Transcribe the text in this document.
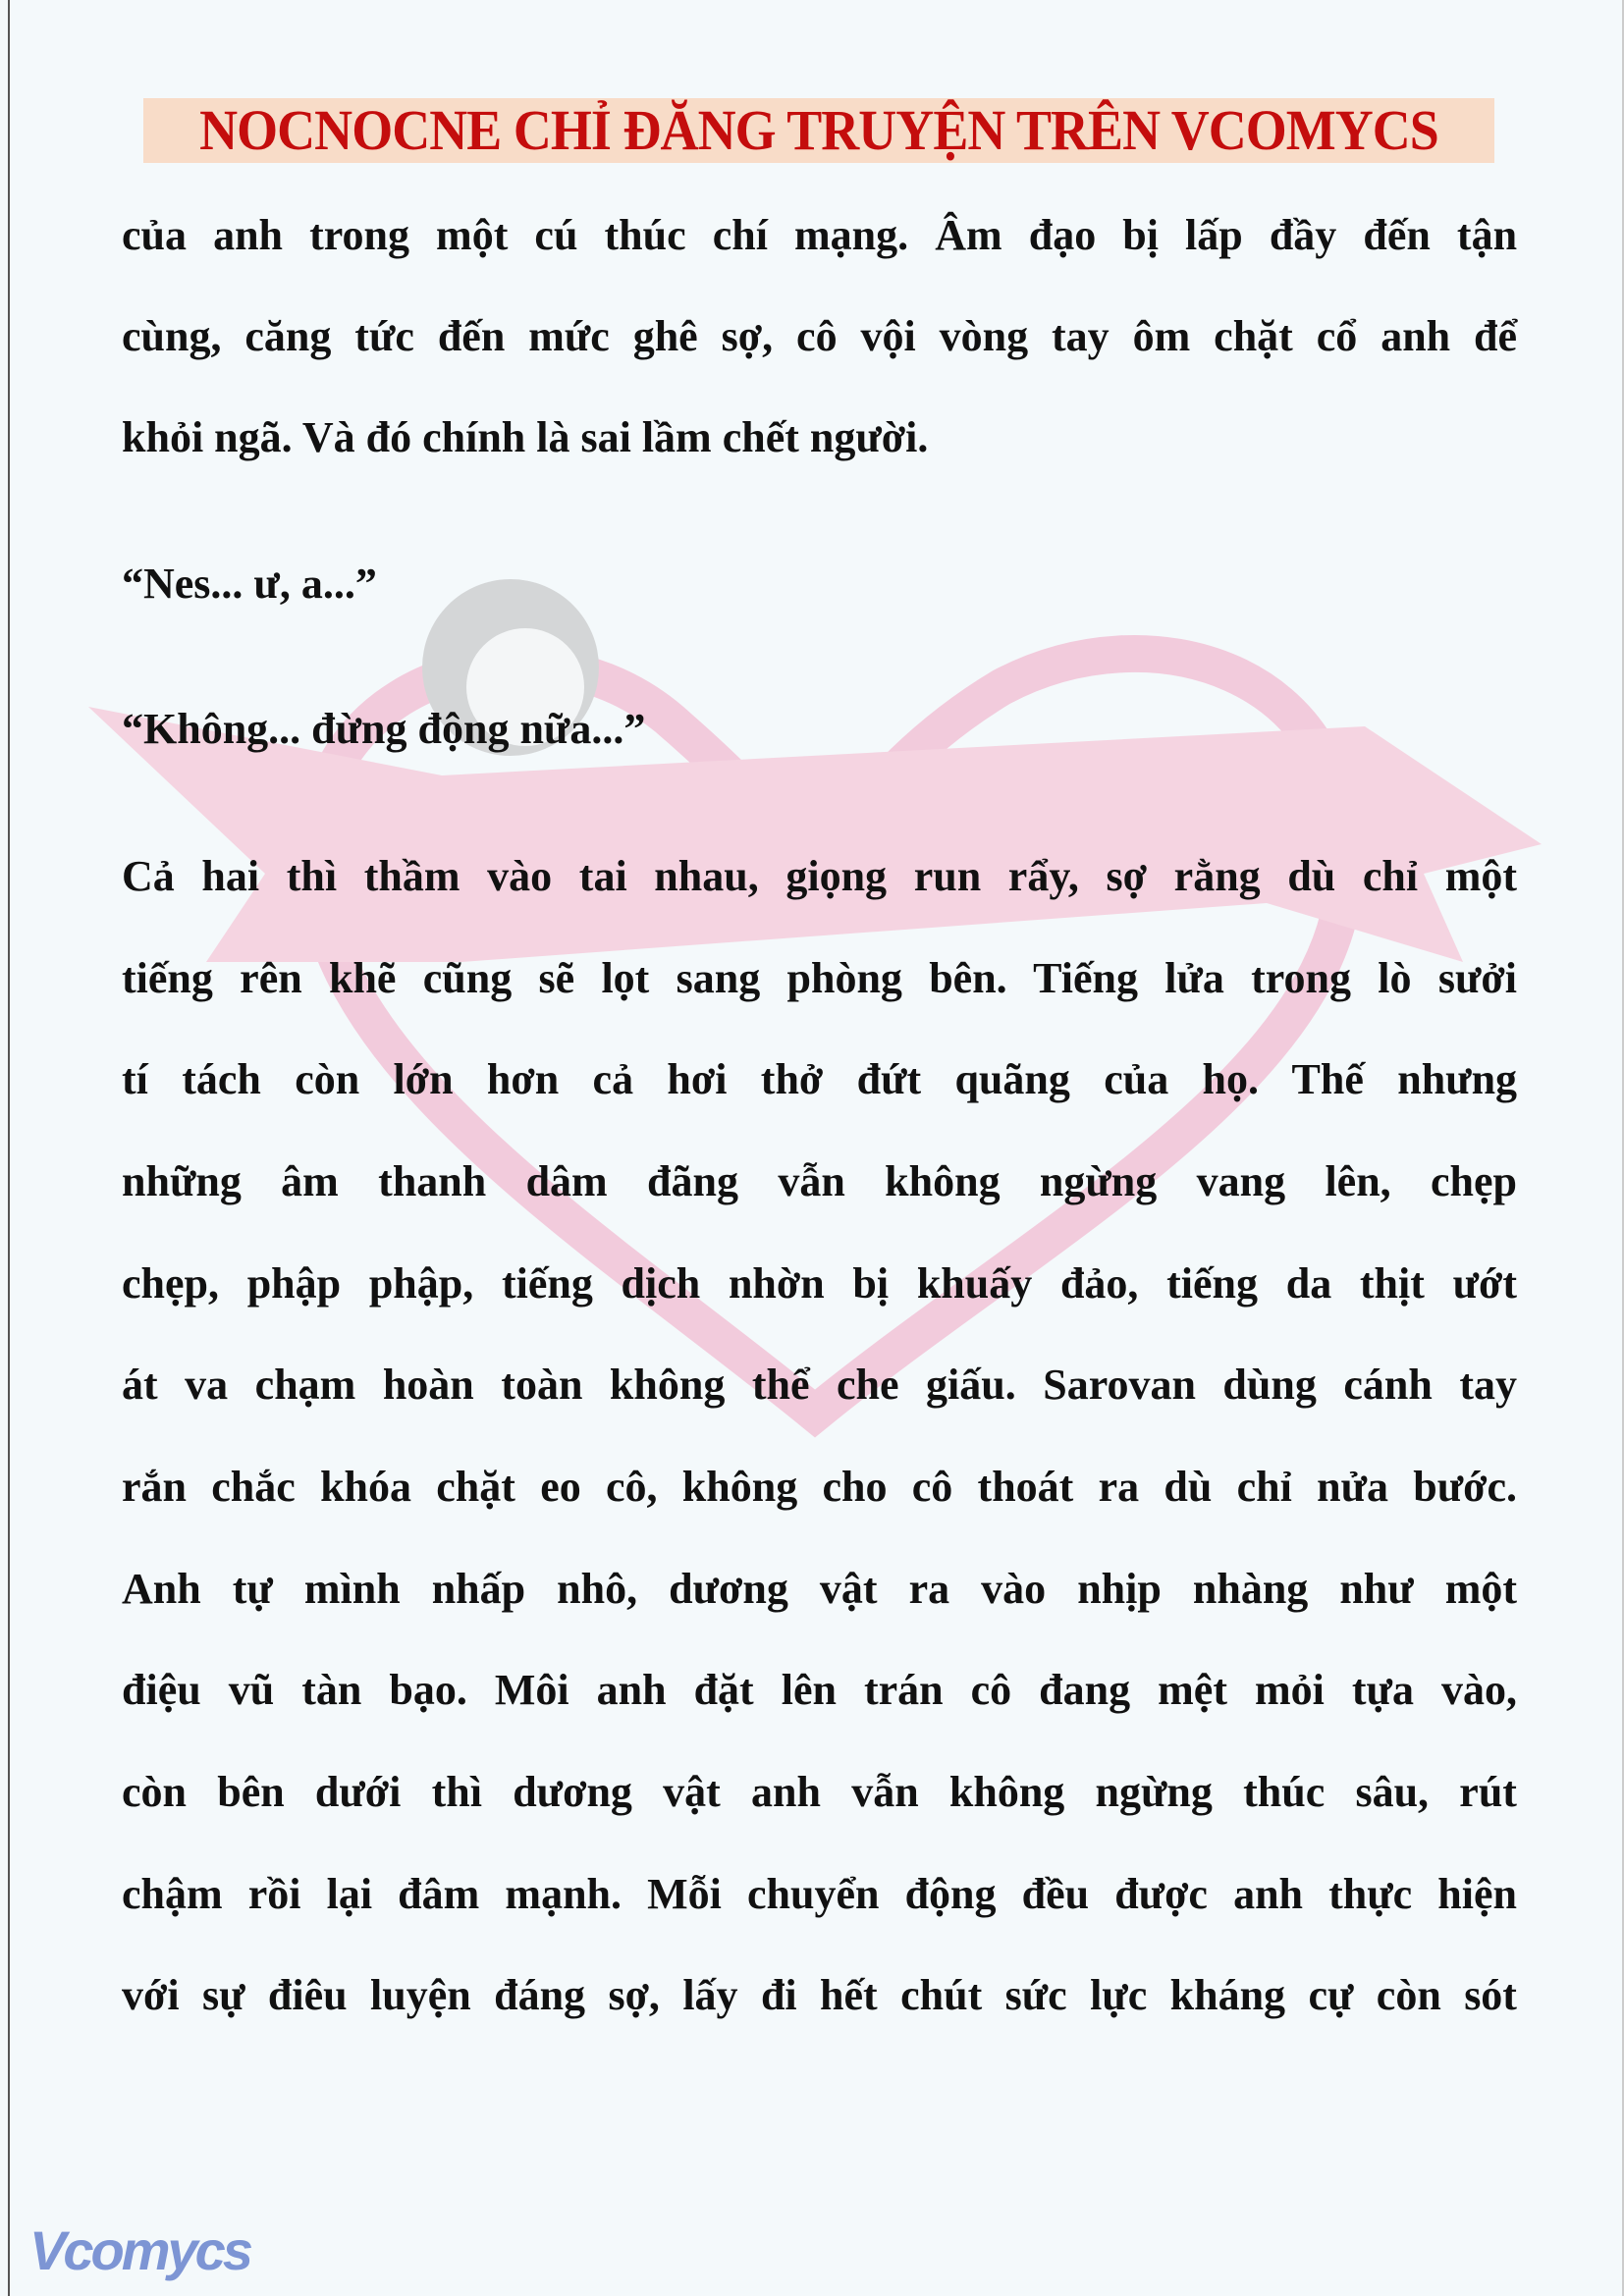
NOCNOCNE CHỈ ĐĂNG TRUYỆN TRÊN VCOMYCS
của anh trong một cú thúc chí mạng. Âm đạo bị lấp đầy đến tận
cùng, căng tức đến mức ghê sợ, cô vội vòng tay ôm chặt cổ anh để
khỏi ngã. Và đó chính là sai lầm chết người.
“Nes... ư, a...”
“Không... đừng động nữa...”
Cả hai thì thầm vào tai nhau, giọng run rẩy, sợ rằng dù chỉ một
tiếng rên khẽ cũng sẽ lọt sang phòng bên. Tiếng lửa trong lò sưởi
tí tách còn lớn hơn cả hơi thở đứt quãng của họ. Thế nhưng
những âm thanh dâm đãng vẫn không ngừng vang lên, chẹp
chẹp, phập phập, tiếng dịch nhờn bị khuấy đảo, tiếng da thịt ướt
át va chạm hoàn toàn không thể che giấu. Sarovan dùng cánh tay
rắn chắc khóa chặt eo cô, không cho cô thoát ra dù chỉ nửa bước.
Anh tự mình nhấp nhô, dương vật ra vào nhịp nhàng như một
điệu vũ tàn bạo. Môi anh đặt lên trán cô đang mệt mỏi tựa vào,
còn bên dưới thì dương vật anh vẫn không ngừng thúc sâu, rút
chậm rồi lại đâm mạnh. Mỗi chuyển động đều được anh thực hiện
với sự điêu luyện đáng sợ, lấy đi hết chút sức lực kháng cự còn sót
Vcomycs
